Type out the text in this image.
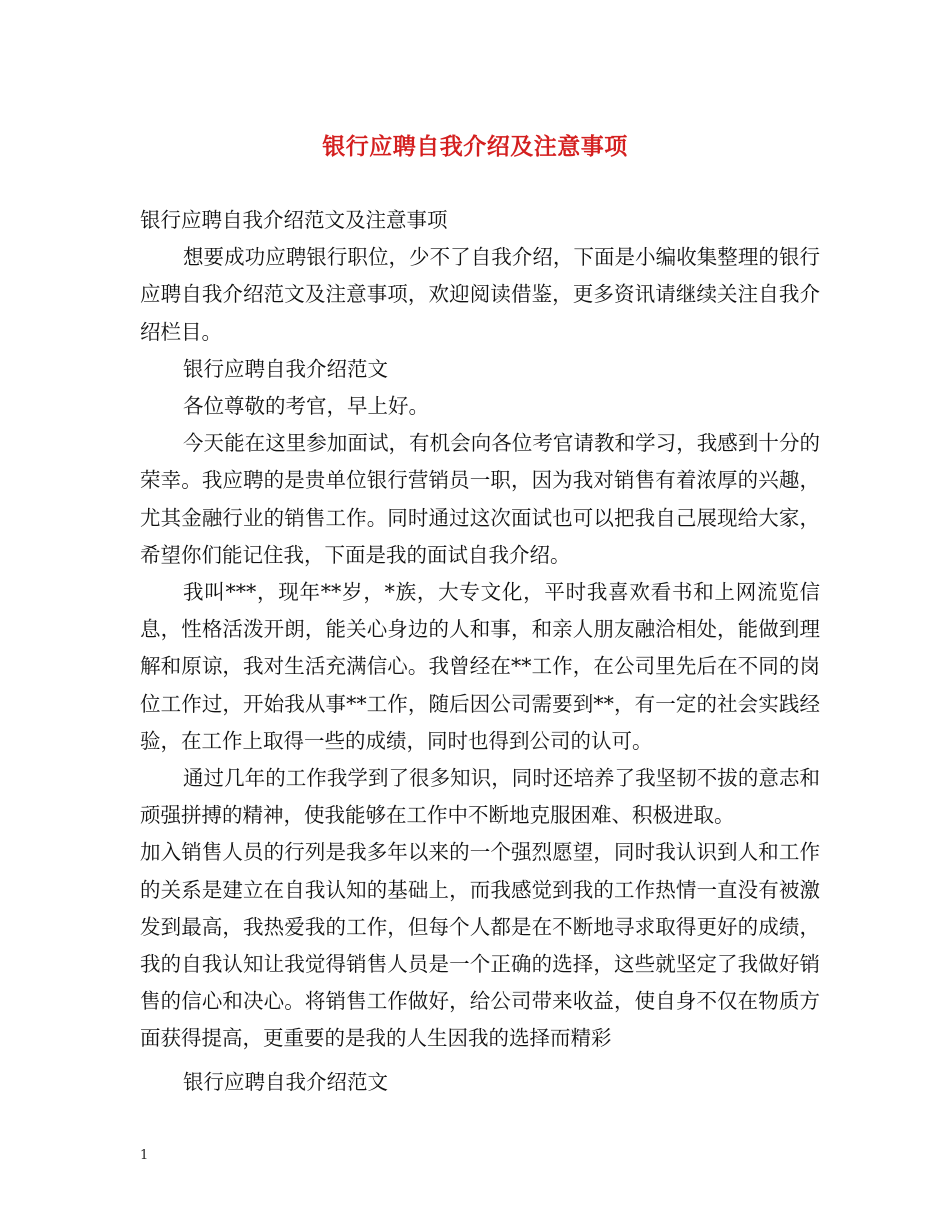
银行应聘自我介绍及注意事项

银行应聘自我介绍范文及注意事项

想要成功应聘银行职位，少不了自我介绍，下面是小编收集整理的银行应聘自我介绍范文及注意事项，欢迎阅读借鉴，更多资讯请继续关注自我介绍栏目。

银行应聘自我介绍范文

各位尊敬的考官，早上好。

今天能在这里参加面试，有机会向各位考官请教和学习，我感到十分的荣幸。我应聘的是贵单位银行营销员一职，因为我对销售有着浓厚的兴趣，尤其金融行业的销售工作。同时通过这次面试也可以把我自己展现给大家，希望你们能记住我，下面是我的面试自我介绍。

我叫***，现年**岁，*族，大专文化，平时我喜欢看书和上网流览信息，性格活泼开朗，能关心身边的人和事，和亲人朋友融洽相处，能做到理解和原谅，我对生活充满信心。我曾经在**工作，在公司里先后在不同的岗位工作过，开始我从事**工作，随后因公司需要到**，有一定的社会实践经验，在工作上取得一些的成绩，同时也得到公司的认可。

通过几年的工作我学到了很多知识，同时还培养了我坚韧不拔的意志和顽强拼搏的精神，使我能够在工作中不断地克服困难、积极进取。

加入销售人员的行列是我多年以来的一个强烈愿望，同时我认识到人和工作的关系是建立在自我认知的基础上，而我感觉到我的工作热情一直没有被激发到最高，我热爱我的工作，但每个人都是在不断地寻求取得更好的成绩，我的自我认知让我觉得销售人员是一个正确的选择，这些就坚定了我做好销售的信心和决心。将销售工作做好，给公司带来收益，使自身不仅在物质方面获得提高，更重要的是我的人生因我的选择而精彩

银行应聘自我介绍范文

1
